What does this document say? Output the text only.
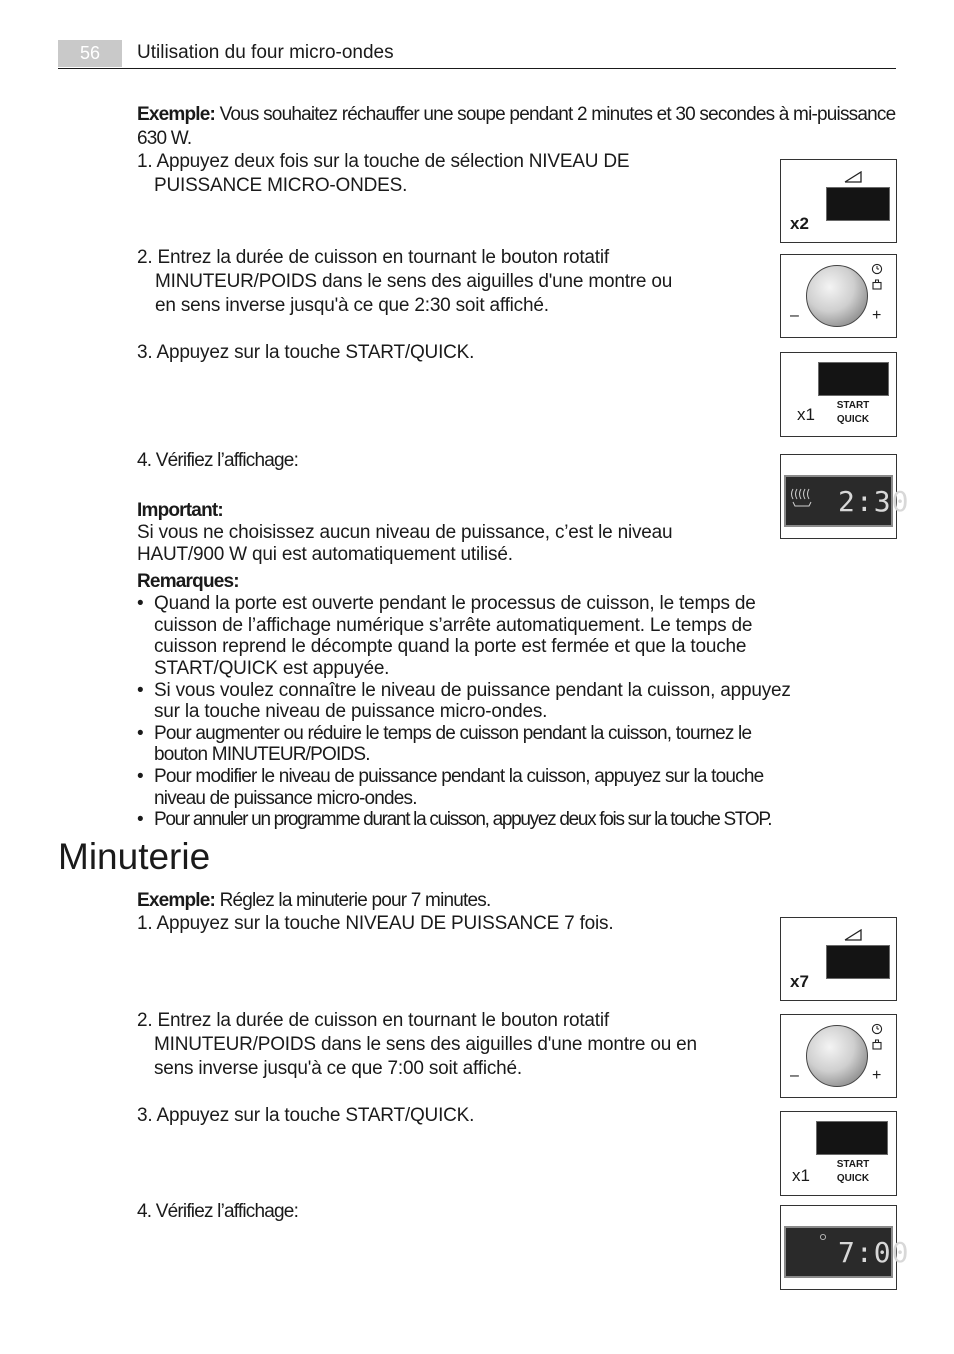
56	Utilisation du four micro-ondes
Exemple: Vous souhaitez réchauffer une soupe pendant 2 minutes et 30 secondes à mi-puissance
630 W.
1. Appuyez deux fois sur la touche de sélection NIVEAU DE
PUISSANCE MICRO-ONDES.
2. Entrez la durée de cuisson en tournant le bouton rotatif
MINUTEUR/POIDS dans le sens des aiguilles d'une montre ou
en sens inverse jusqu'à ce que 2:30 soit affiché.
3. Appuyez sur la touche START/QUICK.
4. Vérifiez l’affichage:
Important:
Si vous ne choisissez aucun niveau de puissance, c’est le niveau
HAUT/900 W qui est automatiquement utilisé.
Remarques:
• Quand la porte est ouverte pendant le processus de cuisson, le temps de
cuisson de l’affichage numérique s’arrête automatiquement. Le temps de
cuisson reprend le décompte quand la porte est fermée et que la touche
START/QUICK est appuyée.
• Si vous voulez connaître le niveau de puissance pendant la cuisson, appuyez
sur la touche niveau de puissance micro-ondes.
• Pour augmenter ou réduire le temps de cuisson pendant la cuisson, tournez le
bouton MINUTEUR/POIDS.
• Pour modifier le niveau de puissance pendant la cuisson, appuyez sur la touche
niveau de puissance micro-ondes.
• Pour annuler un programme durant la cuisson, appuyez deux fois sur la touche STOP.
x2
–	+
x1	START
QUICK
2:30
Minuterie
Exemple: Réglez la minuterie pour 7 minutes.
1. Appuyez sur la touche NIVEAU DE PUISSANCE 7 fois.
2. Entrez la durée de cuisson en tournant le bouton rotatif
MINUTEUR/POIDS dans le sens des aiguilles d'une montre ou en
sens inverse jusqu'à ce que 7:00 soit affiché.
3. Appuyez sur la touche START/QUICK.
4. Vérifiez l’affichage:
x7
–	+
x1
START
QUICK
7:00
